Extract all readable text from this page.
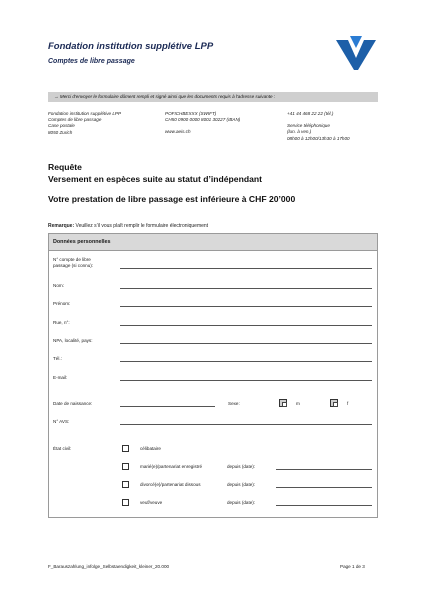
Fondation institution supplétive LPP
Comptes de libre passage
→ Merci d'envoyer le formulaire dûment rempli et signé ainsi que les documents requis à l'adresse suivante :
Fondation institution supplétive LPP
Comptes de libre passage
Case postale
8050 Zurich
POFICHBEXXX (SWIFT)
CH50 0900 0000 8001 30227 (IBAN)
www.aeis.ch
+41 44 468 22 22 (tél.)
Service téléphonique
(lun. à ven.)
08h00 à 12h00/13h30 à 17h00
Requête
Versement en espèces suite au statut d’indépendant
Votre prestation de libre passage est inférieure à CHF 20’000
Remarque: Veuillez s’il vous plaît remplir le formulaire électroniquement
Données personnelles
N° compte de libre
passage (si connu):
Nom:
Prénom:
Rue, n°:
NPA, localité, pays:
Tél.:
E-mail:
Date de naissance:	Sexe:	m	f
N° AVS:
État civil:	célibataire
marié(e)/partenariat enregistré	depuis (date):
divorcé(e)/partenariat dissous	depuis (date):
veuf/veuve	depuis (date):
F_Barauszahlung_infolge_Selbstaendigkeit_kleiner_20.000	Page 1 de 3
